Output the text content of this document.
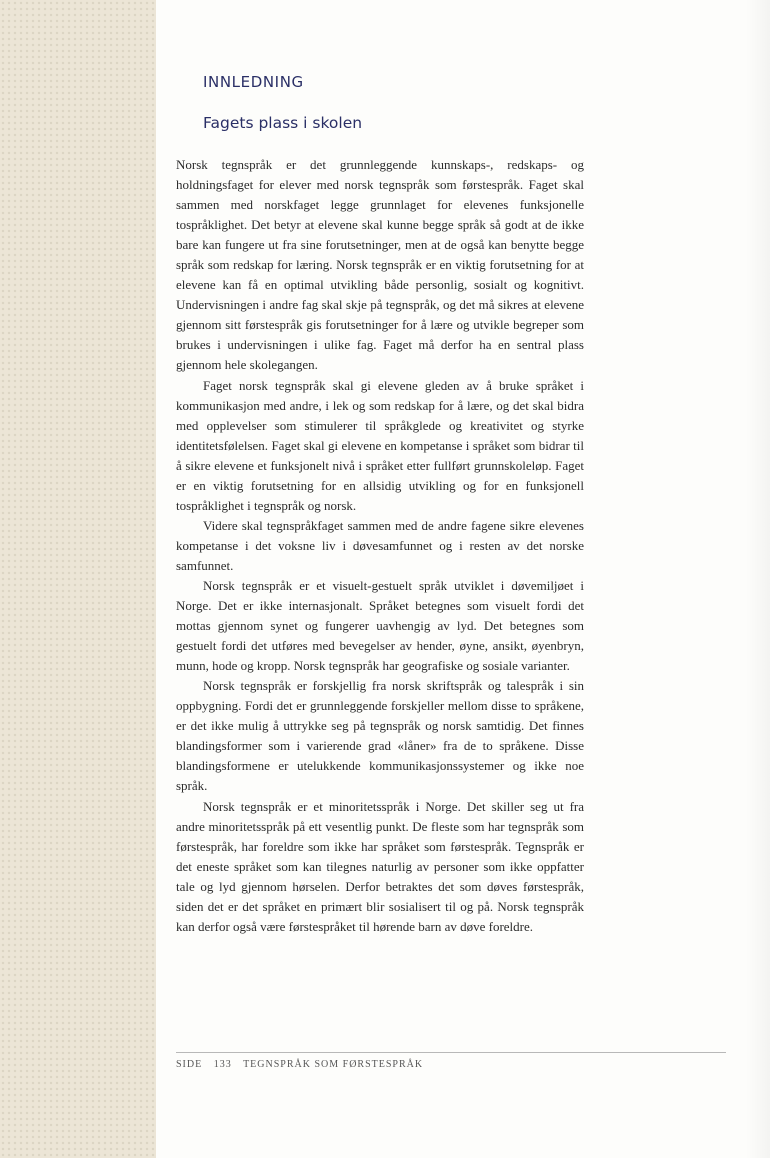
INNLEDNING
Fagets plass i skolen

Norsk tegnspråk er det grunnleggende kunnskaps-, redskaps- og holdningsfaget for elever med norsk tegnspråk som førstespråk. Faget skal sammen med norskfaget legge grunnlaget for elevenes funksjonelle tospråklighet. Det betyr at elevene skal kunne begge språk så godt at de ikke bare kan fungere ut fra sine forutsetninger, men at de også kan benytte begge språk som redskap for læring. Norsk tegnspråk er en viktig forutsetning for at elevene kan få en optimal utvikling både personlig, sosialt og kognitivt. Undervisningen i andre fag skal skje på tegnspråk, og det må sikres at elevene gjennom sitt førstespråk gis forutsetninger for å lære og utvikle begreper som brukes i undervisningen i ulike fag. Faget må derfor ha en sentral plass gjennom hele skolegangen.

Faget norsk tegnspråk skal gi elevene gleden av å bruke språket i kommunikasjon med andre, i lek og som redskap for å lære, og det skal bidra med opplevelser som stimulerer til språkglede og kreativitet og styrke identitetsfølelsen. Faget skal gi elevene en kompetanse i språket som bidrar til å sikre elevene et funksjonelt nivå i språket etter fullført grunnskoleløp. Faget er en viktig forutsetning for en allsidig utvikling og for en funksjonell tospråklighet i tegnspråk og norsk.

Videre skal tegnspråkfaget sammen med de andre fagene sikre elevenes kompetanse i det voksne liv i døvesamfunnet og i resten av det norske samfunnet.

Norsk tegnspråk er et visuelt-gestuelt språk utviklet i døvemiljøet i Norge. Det er ikke internasjonalt. Språket betegnes som visuelt fordi det mottas gjennom synet og fungerer uavhengig av lyd. Det betegnes som gestuelt fordi det utføres med bevegelser av hender, øyne, ansikt, øyenbryn, munn, hode og kropp. Norsk tegnspråk har geografiske og sosiale varianter.

Norsk tegnspråk er forskjellig fra norsk skriftspråk og talespråk i sin oppbygning. Fordi det er grunnleggende forskjeller mellom disse to språkene, er det ikke mulig å uttrykke seg på tegnspråk og norsk samtidig. Det finnes blandingsformer som i varierende grad «låner» fra de to språkene. Disse blandingsformene er utelukkende kommunikasjonssystemer og ikke noe språk.

Norsk tegnspråk er et minoritetsspråk i Norge. Det skiller seg ut fra andre minoritetsspråk på ett vesentlig punkt. De fleste som har tegnspråk som førstespråk, har foreldre som ikke har språket som førstespråk. Tegnspråk er det eneste språket som kan tilegnes naturlig av personer som ikke oppfatter tale og lyd gjennom hørselen. Derfor betraktes det som døves førstespråk, siden det er det språket en primært blir sosialisert til og på. Norsk tegnspråk kan derfor også være førstespråket til hørende barn av døve foreldre.

SIDE 133 TEGNSPRÅK SOM FØRSTESPRÅK
